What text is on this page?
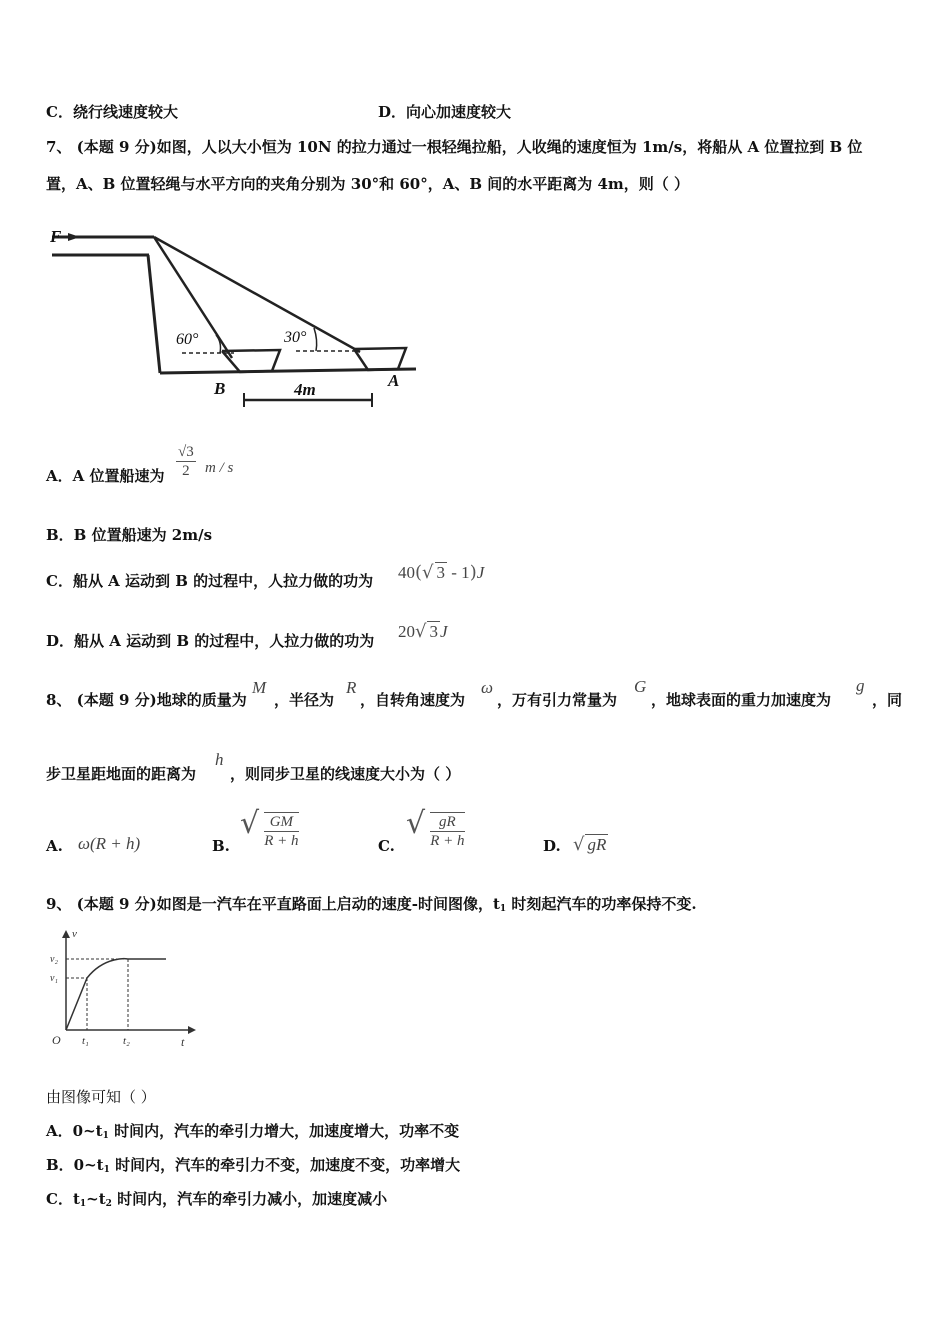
C．绕行线速度较大	D．向心加速度较大
7、 (本题 9 分)如图，人以大小恒为 10N 的拉力通过一根轻绳拉船，人收绳的速度恒为 1m/s，将船从 A 位置拉到 B 位
置，A、B 位置轻绳与水平方向的夹角分别为 30°和 60°，A、B 间的水平距离为 4m，则（ ）
F
60°	30°
B	A
4m
A．A 位置船速为 $\frac{√3}{2}$ m / s
B．B 位置船速为 2m/s
C．船从 A 运动到 B 的过程中，人拉力做的功为 40(√ 3 - 1)J
D．船从 A 运动到 B 的过程中，人拉力做的功为 20√ 3 J
8、 (本题 9 分)地球的质量为
M
，半径为
R
，自转角速度为
ω
，万有引力常量为
G
，地球表面的重力加速度为
g
，同
步卫星距地面的距离为
h
，则同步卫星的线速度大小为（ ）
A. ω(R + h)	B.
√ $\frac{GM}{R + h}$	C.
√ $\frac{gR}{R + h}$	D. √ gR
9、 (本题 9 分)如图是一汽车在平直路面上启动的速度-时间图像，$t_1$ 时刻起汽车的功率保持不变.
v
v₂
v₁
O t₁	t₂	t
由图像可知（ ）
A．$0\sim t_1$ 时间内，汽车的牵引力增大，加速度增大，功率不变
B．$0\sim t_1$ 时间内，汽车的牵引力不变，加速度不变，功率增大
C．$t_1\sim t_2$ 时间内，汽车的牵引力减小，加速度减小
